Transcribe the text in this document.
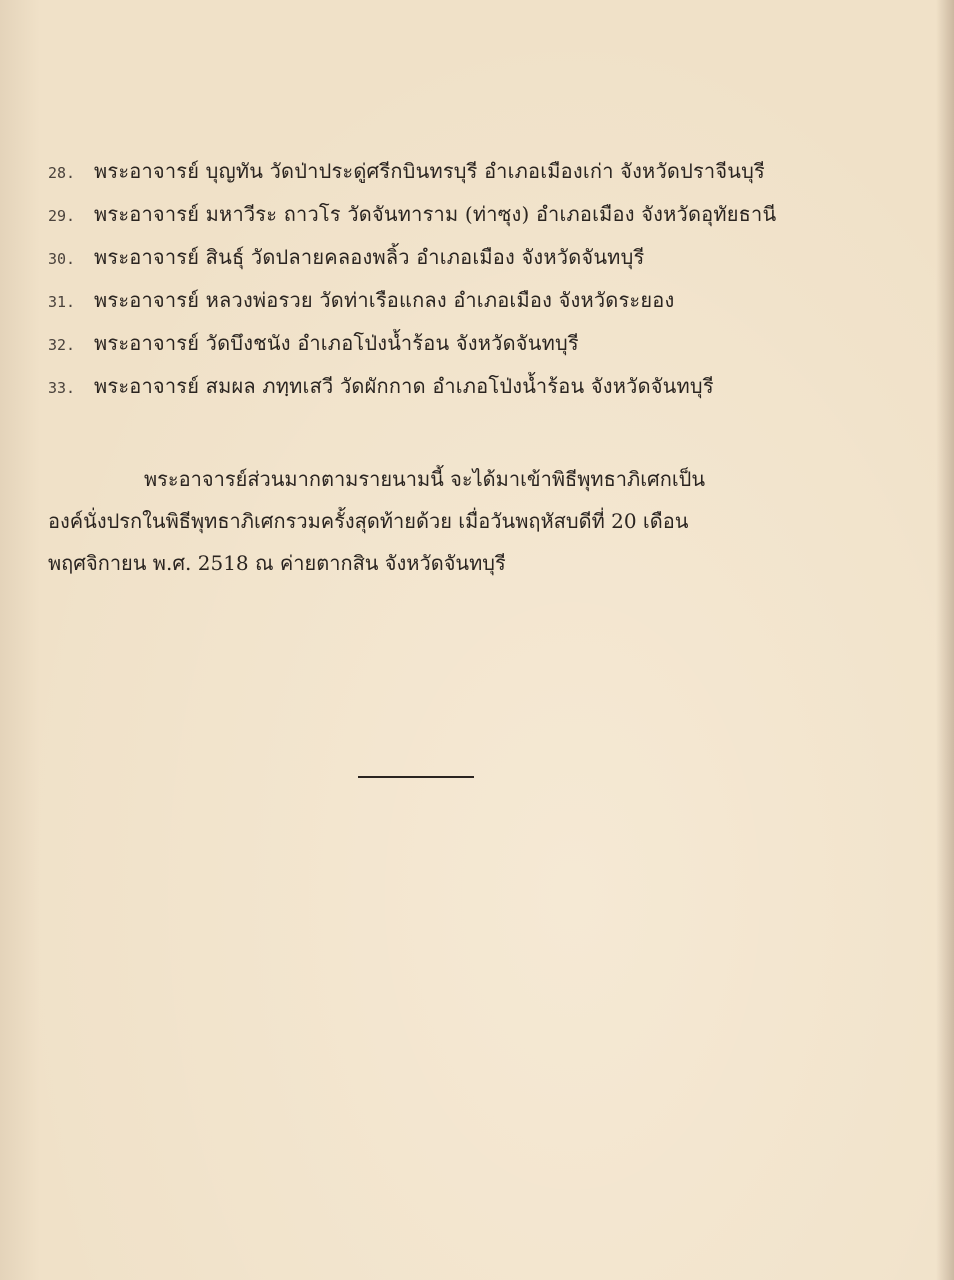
28. พระอาจารย์ บุญทัน วัดป่าประดู่ศรีกบินทรบุรี อำเภอเมืองเก่า จังหวัดปราจีนบุรี
29. พระอาจารย์ มหาวีระ ถาวโร วัดจันทาราม (ท่าซุง) อำเภอเมือง จังหวัดอุทัยธานี
30. พระอาจารย์ สินธุ์ วัดปลายคลองพลิ้ว อำเภอเมือง จังหวัดจันทบุรี
31. พระอาจารย์ หลวงพ่อรวย วัดท่าเรือแกลง อำเภอเมือง จังหวัดระยอง
32. พระอาจารย์ วัดบึงชนัง อำเภอโป่งน้ำร้อน จังหวัดจันทบุรี
33. พระอาจารย์ สมผล ภทฺทเสวี วัดผักกาด อำเภอโป่งน้ำร้อน จังหวัดจันทบุรี
พระอาจารย์ส่วนมากตามรายนามนี้ จะได้มาเข้าพิธีพุทธาภิเศกเป็น
องค์นั่งปรกในพิธีพุทธาภิเศกรวมครั้งสุดท้ายด้วย เมื่อวันพฤหัสบดีที่ 20 เดือน
พฤศจิกายน พ.ศ. 2518 ณ ค่ายตากสิน จังหวัดจันทบุรี
